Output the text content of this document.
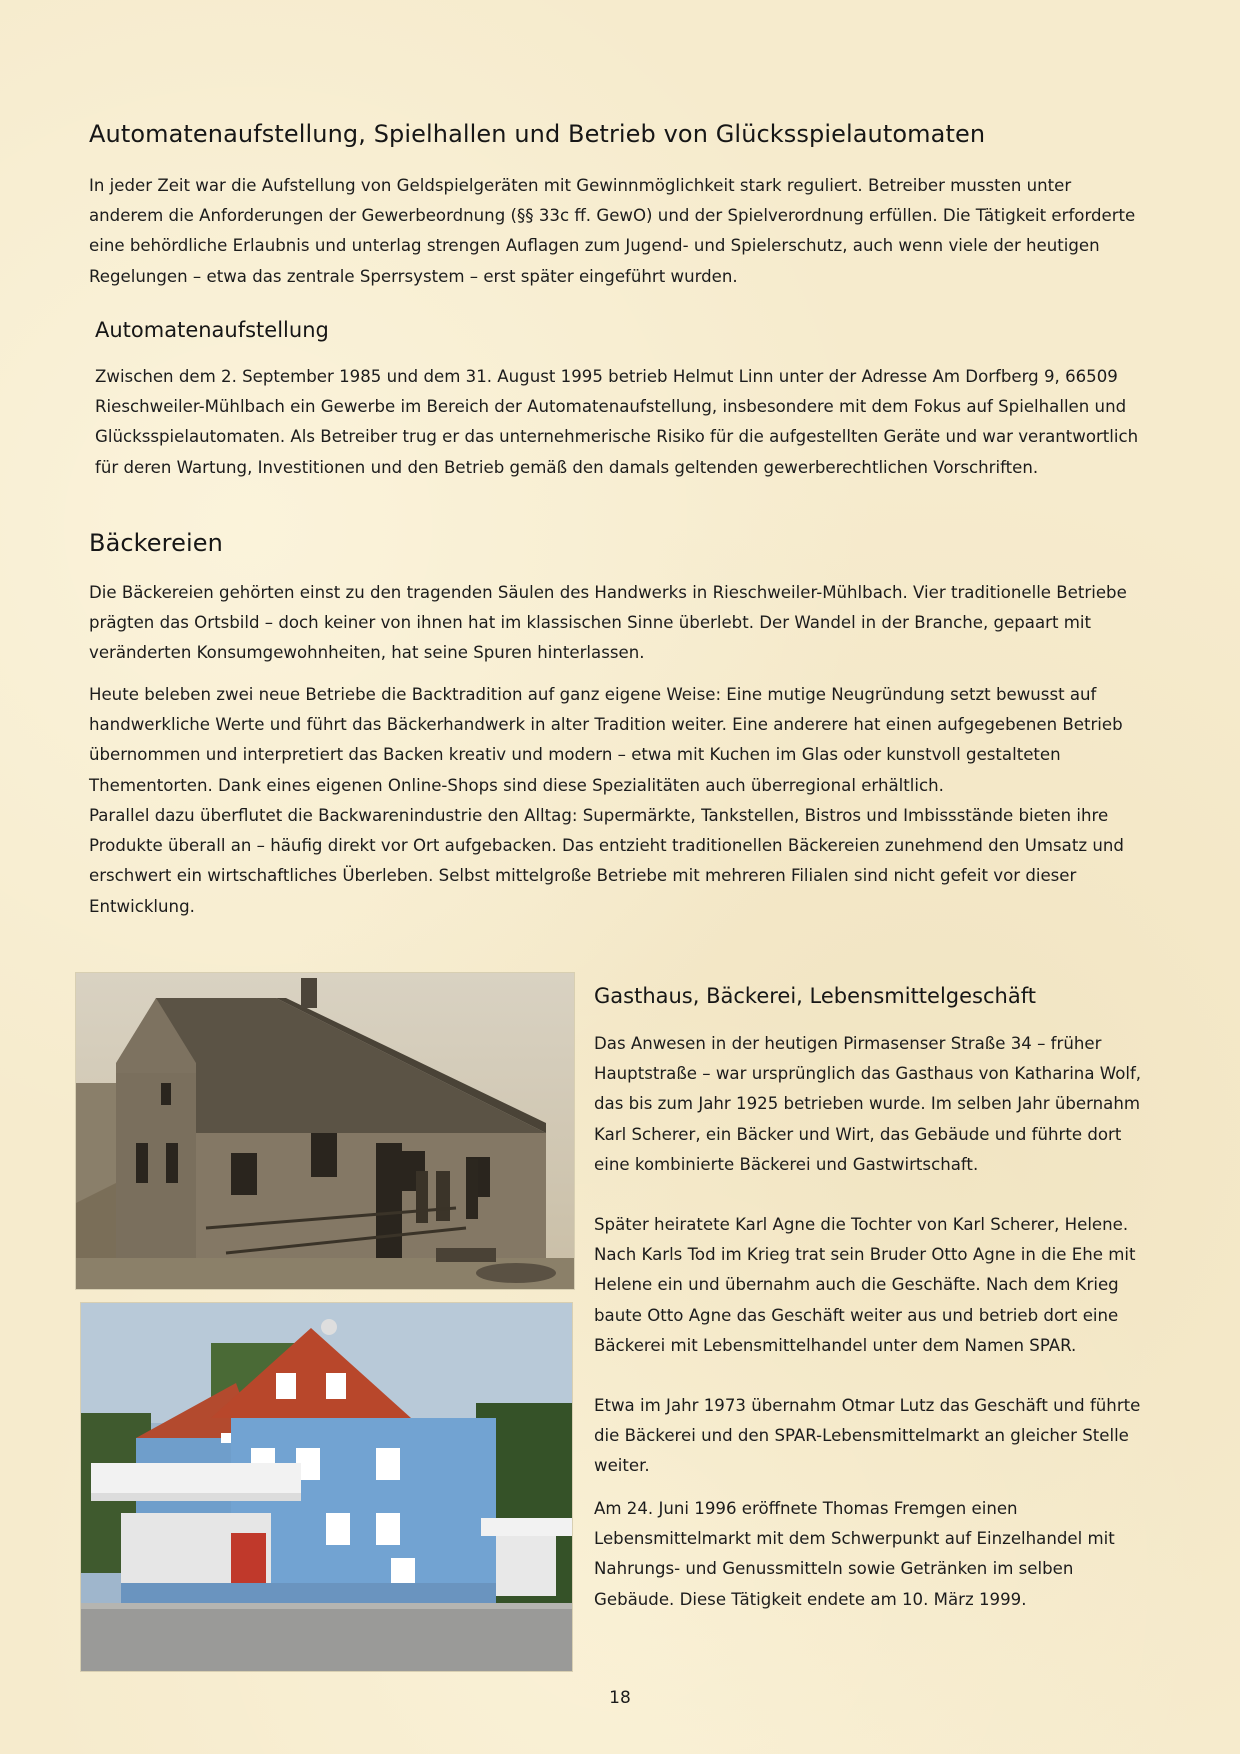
Automatenaufstellung, Spielhallen und Betrieb von Glücksspielautomaten

In jeder Zeit war die Aufstellung von Geldspielgeräten mit Gewinnmöglichkeit stark reguliert. Betreiber mussten unter anderem die Anforderungen der Gewerbeordnung (§§ 33c ff. GewO) und der Spielverordnung erfüllen. Die Tätigkeit erforderte eine behördliche Erlaubnis und unterlag strengen Auflagen zum Jugend- und Spielerschutz, auch wenn viele der heutigen Regelungen – etwa das zentrale Sperrsystem – erst später eingeführt wurden.

Automatenaufstellung

Zwischen dem 2. September 1985 und dem 31. August 1995 betrieb Helmut Linn unter der Adresse Am Dorfberg 9, 66509 Rieschweiler-Mühlbach ein Gewerbe im Bereich der Automatenaufstellung, insbesondere mit dem Fokus auf Spielhallen und Glücksspielautomaten. Als Betreiber trug er das unternehmerische Risiko für die aufgestellten Geräte und war verantwortlich für deren Wartung, Investitionen und den Betrieb gemäß den damals geltenden gewerberechtlichen Vorschriften.

Bäckereien

Die Bäckereien gehörten einst zu den tragenden Säulen des Handwerks in Rieschweiler-Mühlbach. Vier traditionelle Betriebe prägten das Ortsbild – doch keiner von ihnen hat im klassischen Sinne überlebt. Der Wandel in der Branche, gepaart mit veränderten Konsumgewohnheiten, hat seine Spuren hinterlassen.

Heute beleben zwei neue Betriebe die Backtradition auf ganz eigene Weise: Eine mutige Neugründung setzt bewusst auf handwerkliche Werte und führt das Bäckerhandwerk in alter Tradition weiter. Eine anderere hat einen aufgegebenen Betrieb übernommen und interpretiert das Backen kreativ und modern – etwa mit Kuchen im Glas oder kunstvoll gestalteten Thementorten. Dank eines eigenen Online-Shops sind diese Spezialitäten auch überregional erhältlich.

Parallel dazu überflutet die Backwarenindustrie den Alltag: Supermärkte, Tankstellen, Bistros und Imbissstände bieten ihre Produkte überall an – häufig direkt vor Ort aufgebacken. Das entzieht traditionellen Bäckereien zunehmend den Umsatz und erschwert ein wirtschaftliches Überleben. Selbst mittelgroße Betriebe mit mehreren Filialen sind nicht gefeit vor dieser Entwicklung.

Gasthaus, Bäckerei, Lebensmittelgeschäft

Das Anwesen in der heutigen Pirmasenser Straße 34 – früher Hauptstraße – war ursprünglich das Gasthaus von Katharina Wolf, das bis zum Jahr 1925 betrieben wurde. Im selben Jahr übernahm Karl Scherer, ein Bäcker und Wirt, das Gebäude und führte dort eine kombinierte Bäckerei und Gastwirtschaft.

Später heiratete Karl Agne die Tochter von Karl Scherer, Helene. Nach Karls Tod im Krieg trat sein Bruder Otto Agne in die Ehe mit Helene ein und übernahm auch die Geschäfte. Nach dem Krieg baute Otto Agne das Geschäft weiter aus und betrieb dort eine Bäckerei mit Lebensmittelhandel unter dem Namen SPAR.

Etwa im Jahr 1973 übernahm Otmar Lutz das Geschäft und führte die Bäckerei und den SPAR-Lebensmittelmarkt an gleicher Stelle weiter.

Am 24. Juni 1996 eröffnete Thomas Fremgen einen Lebensmittelmarkt mit dem Schwerpunkt auf Einzelhandel mit Nahrungs- und Genussmitteln sowie Getränken im selben Gebäude. Diese Tätigkeit endete am 10. März 1999.

18
